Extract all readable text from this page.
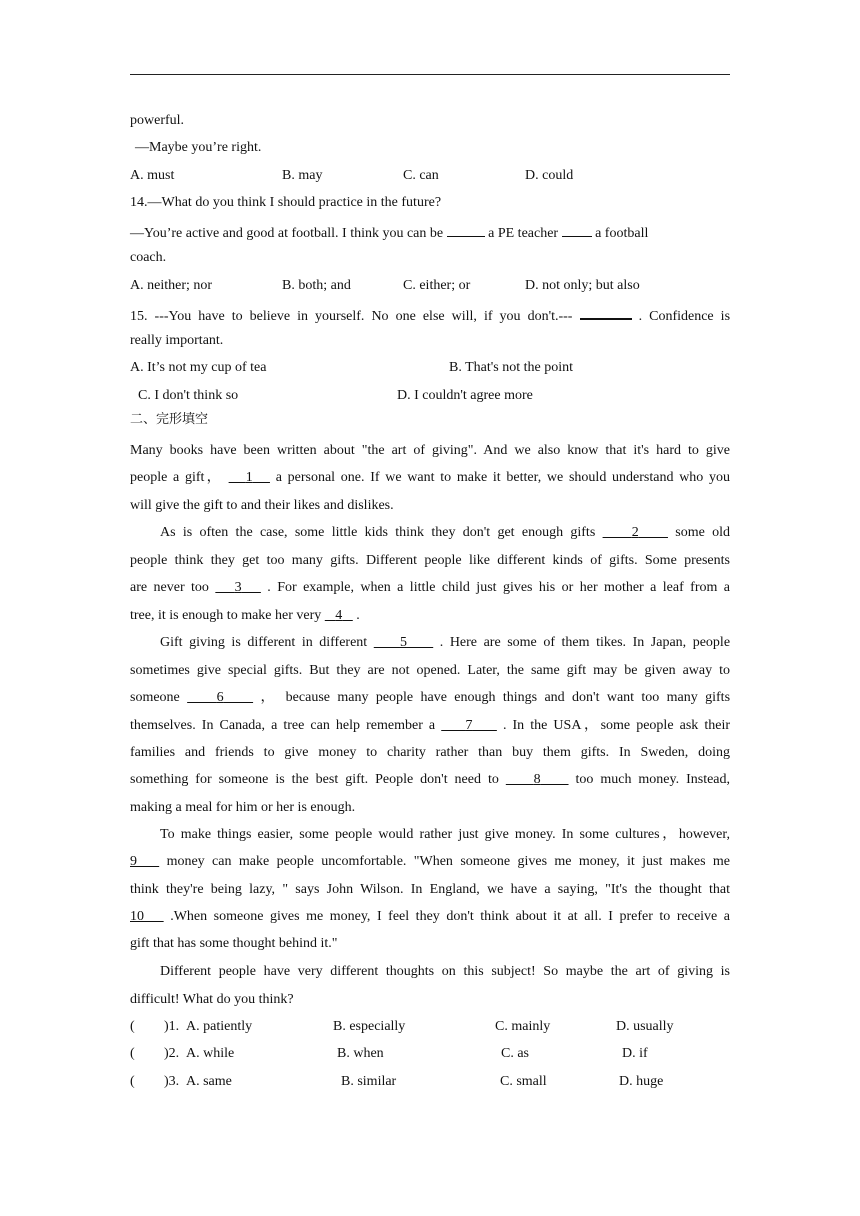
powerful.
—Maybe you’re right.
A. must	B. may	C. can	D. could
14.—What do you think I should practice in the future?
—You’re active and good at football. I think you can be	a PE teacher	a football
coach.
A. neither; nor	B. both; and	C. either; or	D. not only; but also
15. ---You have to believe in yourself. No one else will, if you don't.---	. Confidence is
really important.
A. It’s not my cup of tea	B. That's not the point
C. I don't think so	D. I couldn't agree more
二、完形填空
Many books have been written about "the art of giving". And we also know that it's hard to give
people a gift， 1 a personal one. If we want to make it better, we should understand who you
will give the gift to and their likes and dislikes.
As is often the case, some little kids think they don't get enough gifts	2	some old
people think they get too many gifts. Different people like different kinds of gifts. Some presents
are never too 3 . For example, when a little child just gives his or her mother a leaf from a
tree, it is enough to make her very 4 .
Gift giving is different in different 5 . Here are some of them tikes. In Japan, people
sometimes give special gifts. But they are not opened. Later, the same gift may be given away to
someone	6	， because many people have enough things and don't want too many gifts
themselves. In Canada, a tree can help remember a 7 . In the USA，some people ask their
families and friends to give money to charity rather than buy them gifts. In Sweden, doing
something for someone is the best gift. People don't need to 8 too much money. Instead,
making a meal for him or her is enough.
To make things easier, some people would rather just give money. In some cultures，however,
9 money can make people uncomfortable. "When someone gives me money, it just makes me
think they're being lazy, " says John Wilson. In England, we have a saying, "It's the thought that
10 .When someone gives me money, I feel they don't think about it at all. I prefer to receive a
gift that has some thought behind it."
Different people have very different thoughts on this subject! So maybe the art of giving is
difficult! What do you think?
( )1. A. patiently	B. especially	C. mainly	D. usually
( )2. A. while	B. when	C. as	D. if
( )3. A. same	B. similar	C. small	D. huge
